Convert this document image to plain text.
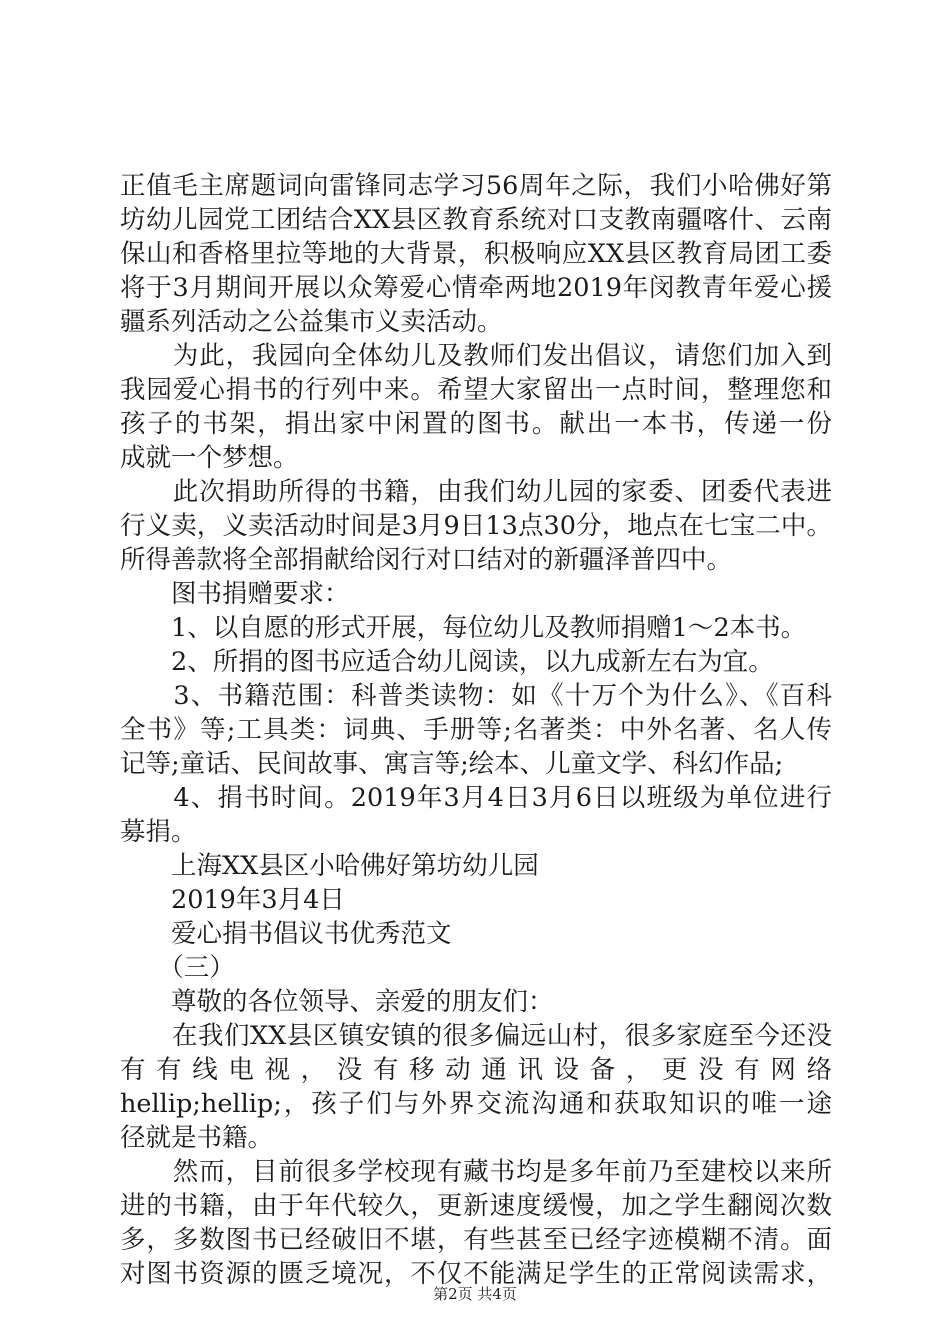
正值毛主席题词向雷锋同志学习56周年之际，我们小哈佛好第
坊幼儿园党工团结合XX县区教育系统对口支教南疆喀什、云南
保山和香格里拉等地的大背景，积极响应XX县区教育局团工委
将于3月期间开展以众筹爱心情牵两地2019年闵教青年爱心援
疆系列活动之公益集市义卖活动。
　　为此，我园向全体幼儿及教师们发出倡议，请您们加入到
我园爱心捐书的行列中来。希望大家留出一点时间，整理您和
孩子的书架，捐出家中闲置的图书。献出一本书，传递一份
成就一个梦想。
　　此次捐助所得的书籍，由我们幼儿园的家委、团委代表进
行义卖，义卖活动时间是3月9日13点30分，地点在七宝二中。
所得善款将全部捐献给闵行对口结对的新疆泽普四中。
　　图书捐赠要求：
　　1、以自愿的形式开展，每位幼儿及教师捐赠1～2本书。
　　2、所捐的图书应适合幼儿阅读，以九成新左右为宜。
　　3、书籍范围：科普类读物：如《十万个为什么》、《百科
全书》等;工具类：词典、手册等;名著类：中外名著、名人传
记等;童话、民间故事、寓言等;绘本、儿童文学、科幻作品;
　　4、捐书时间。2019年3月4日3月6日以班级为单位进行
募捐。
　　上海XX县区小哈佛好第坊幼儿园
　　2019年3月4日
　　爱心捐书倡议书优秀范文
　　（三）
　　尊敬的各位领导、亲爱的朋友们：
　　在我们XX县区镇安镇的很多偏远山村，很多家庭至今还没
有有线电视，没有移动通讯设备，更没有网络
hellip;hellip;，孩子们与外界交流沟通和获取知识的唯一途
径就是书籍。
　　然而，目前很多学校现有藏书均是多年前乃至建校以来所
进的书籍，由于年代较久，更新速度缓慢，加之学生翻阅次数
多，多数图书已经破旧不堪，有些甚至已经字迹模糊不清。面
对图书资源的匮乏境况，不仅不能满足学生的正常阅读需求，
第2页 共4页
